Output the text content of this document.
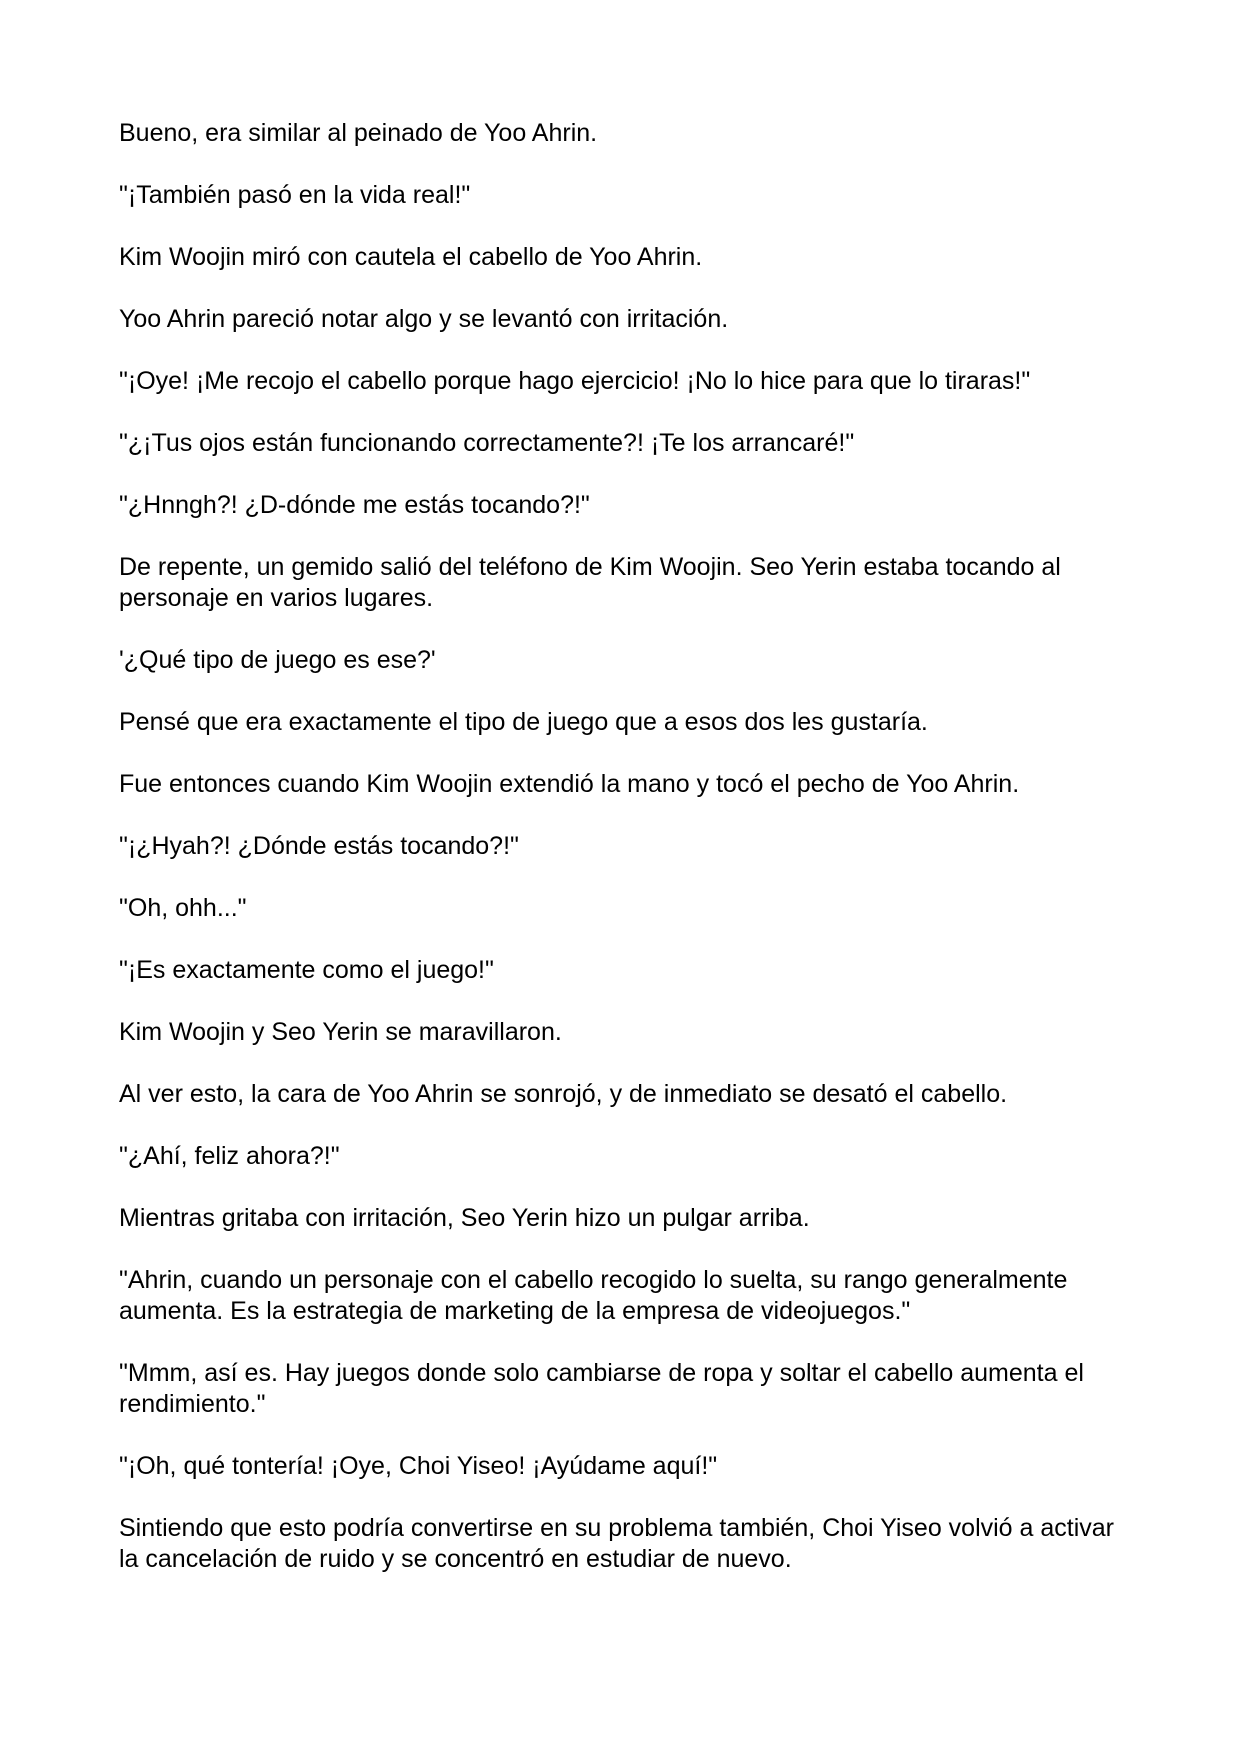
Bueno, era similar al peinado de Yoo Ahrin.

"¡También pasó en la vida real!"

Kim Woojin miró con cautela el cabello de Yoo Ahrin.

Yoo Ahrin pareció notar algo y se levantó con irritación.

"¡Oye! ¡Me recojo el cabello porque hago ejercicio! ¡No lo hice para que lo tiraras!"

"¿¡Tus ojos están funcionando correctamente?! ¡Te los arrancaré!"

"¿Hnngh?! ¿D-dónde me estás tocando?!"

De repente, un gemido salió del teléfono de Kim Woojin. Seo Yerin estaba tocando al personaje en varios lugares.

'¿Qué tipo de juego es ese?'

Pensé que era exactamente el tipo de juego que a esos dos les gustaría.

Fue entonces cuando Kim Woojin extendió la mano y tocó el pecho de Yoo Ahrin.

"¡¿Hyah?! ¿Dónde estás tocando?!"

"Oh, ohh..."

"¡Es exactamente como el juego!"

Kim Woojin y Seo Yerin se maravillaron.

Al ver esto, la cara de Yoo Ahrin se sonrojó, y de inmediato se desató el cabello.

"¿Ahí, feliz ahora?!"

Mientras gritaba con irritación, Seo Yerin hizo un pulgar arriba.

"Ahrin, cuando un personaje con el cabello recogido lo suelta, su rango generalmente aumenta. Es la estrategia de marketing de la empresa de videojuegos."

"Mmm, así es. Hay juegos donde solo cambiarse de ropa y soltar el cabello aumenta el rendimiento."

"¡Oh, qué tontería! ¡Oye, Choi Yiseo! ¡Ayúdame aquí!"

Sintiendo que esto podría convertirse en su problema también, Choi Yiseo volvió a activar la cancelación de ruido y se concentró en estudiar de nuevo.
